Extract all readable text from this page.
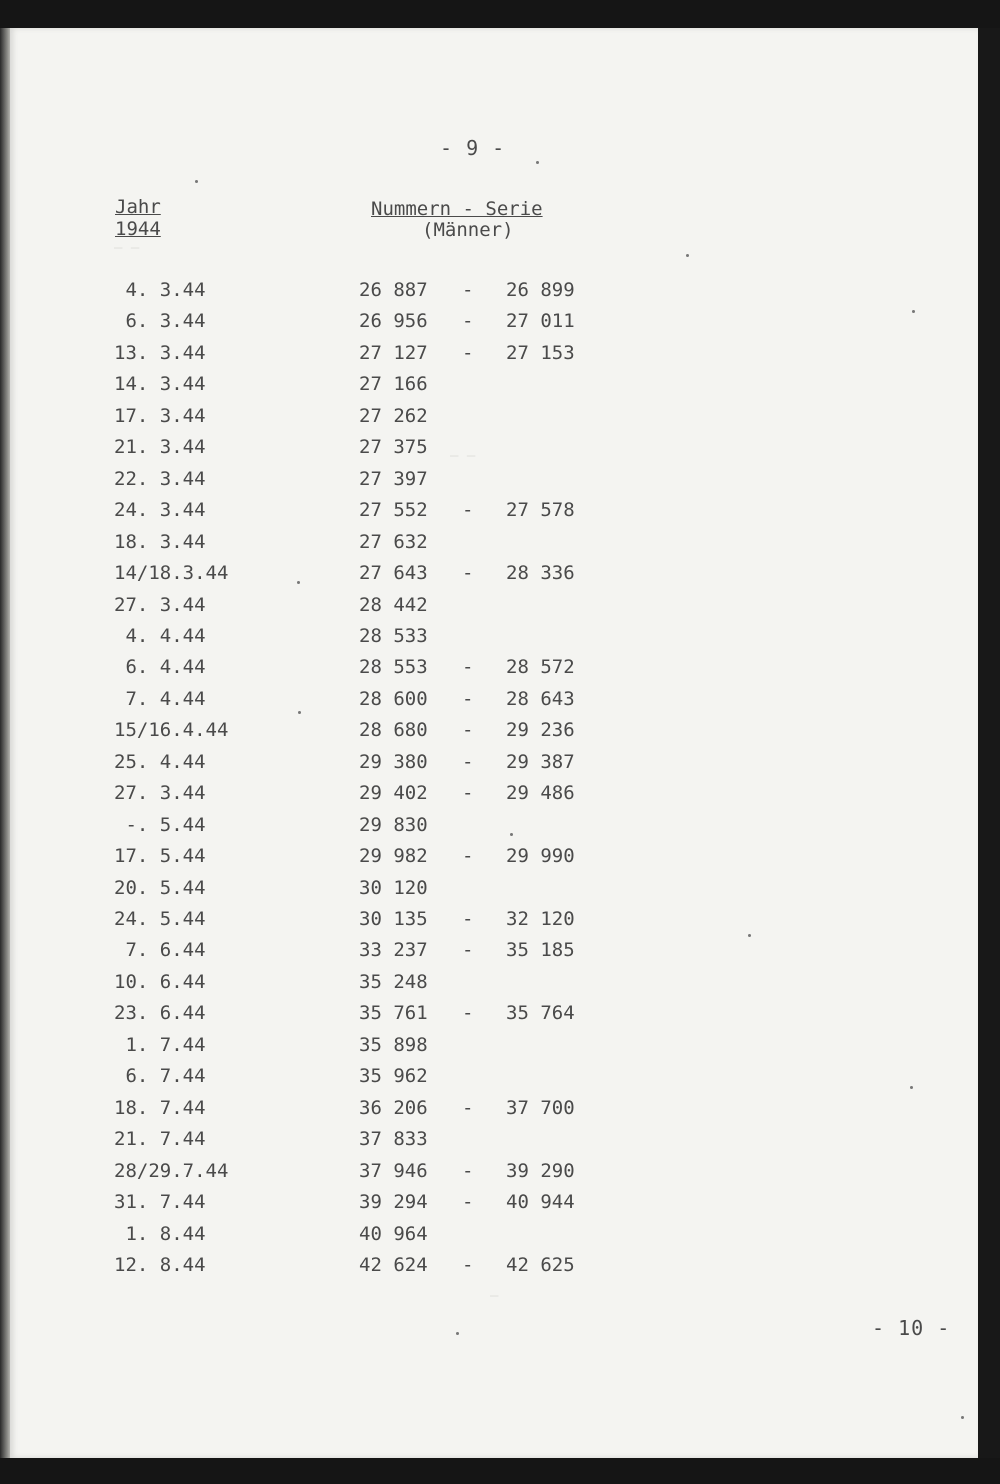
— —
— —
—
- 9 -
Jahr
1944
Nummern - Serie
(Männer)
4. 3.44	26 887 - 26 899
6. 3.44	26 956 - 27 011
13. 3.44	27 127 - 27 153
14. 3.44	27 166
17. 3.44	27 262
21. 3.44	27 375
22. 3.44	27 397
24. 3.44	27 552 - 27 578
18. 3.44	27 632
14/18.3.44	27 643 - 28 336
27. 3.44	28 442
4. 4.44	28 533
6. 4.44	28 553 - 28 572
7. 4.44	28 600 - 28 643
15/16.4.44	28 680 - 29 236
25. 4.44	29 380 - 29 387
27. 3.44	29 402 - 29 486
-. 5.44	29 830
17. 5.44	29 982 - 29 990
20. 5.44	30 120
24. 5.44	30 135 - 32 120
7. 6.44	33 237 - 35 185
10. 6.44	35 248
23. 6.44	35 761 - 35 764
1. 7.44	35 898
6. 7.44	35 962
18. 7.44	36 206 - 37 700
21. 7.44	37 833
28/29.7.44	37 946 - 39 290
31. 7.44	39 294 - 40 944
1. 8.44	40 964
12. 8.44	42 624 - 42 625
- 10 -
